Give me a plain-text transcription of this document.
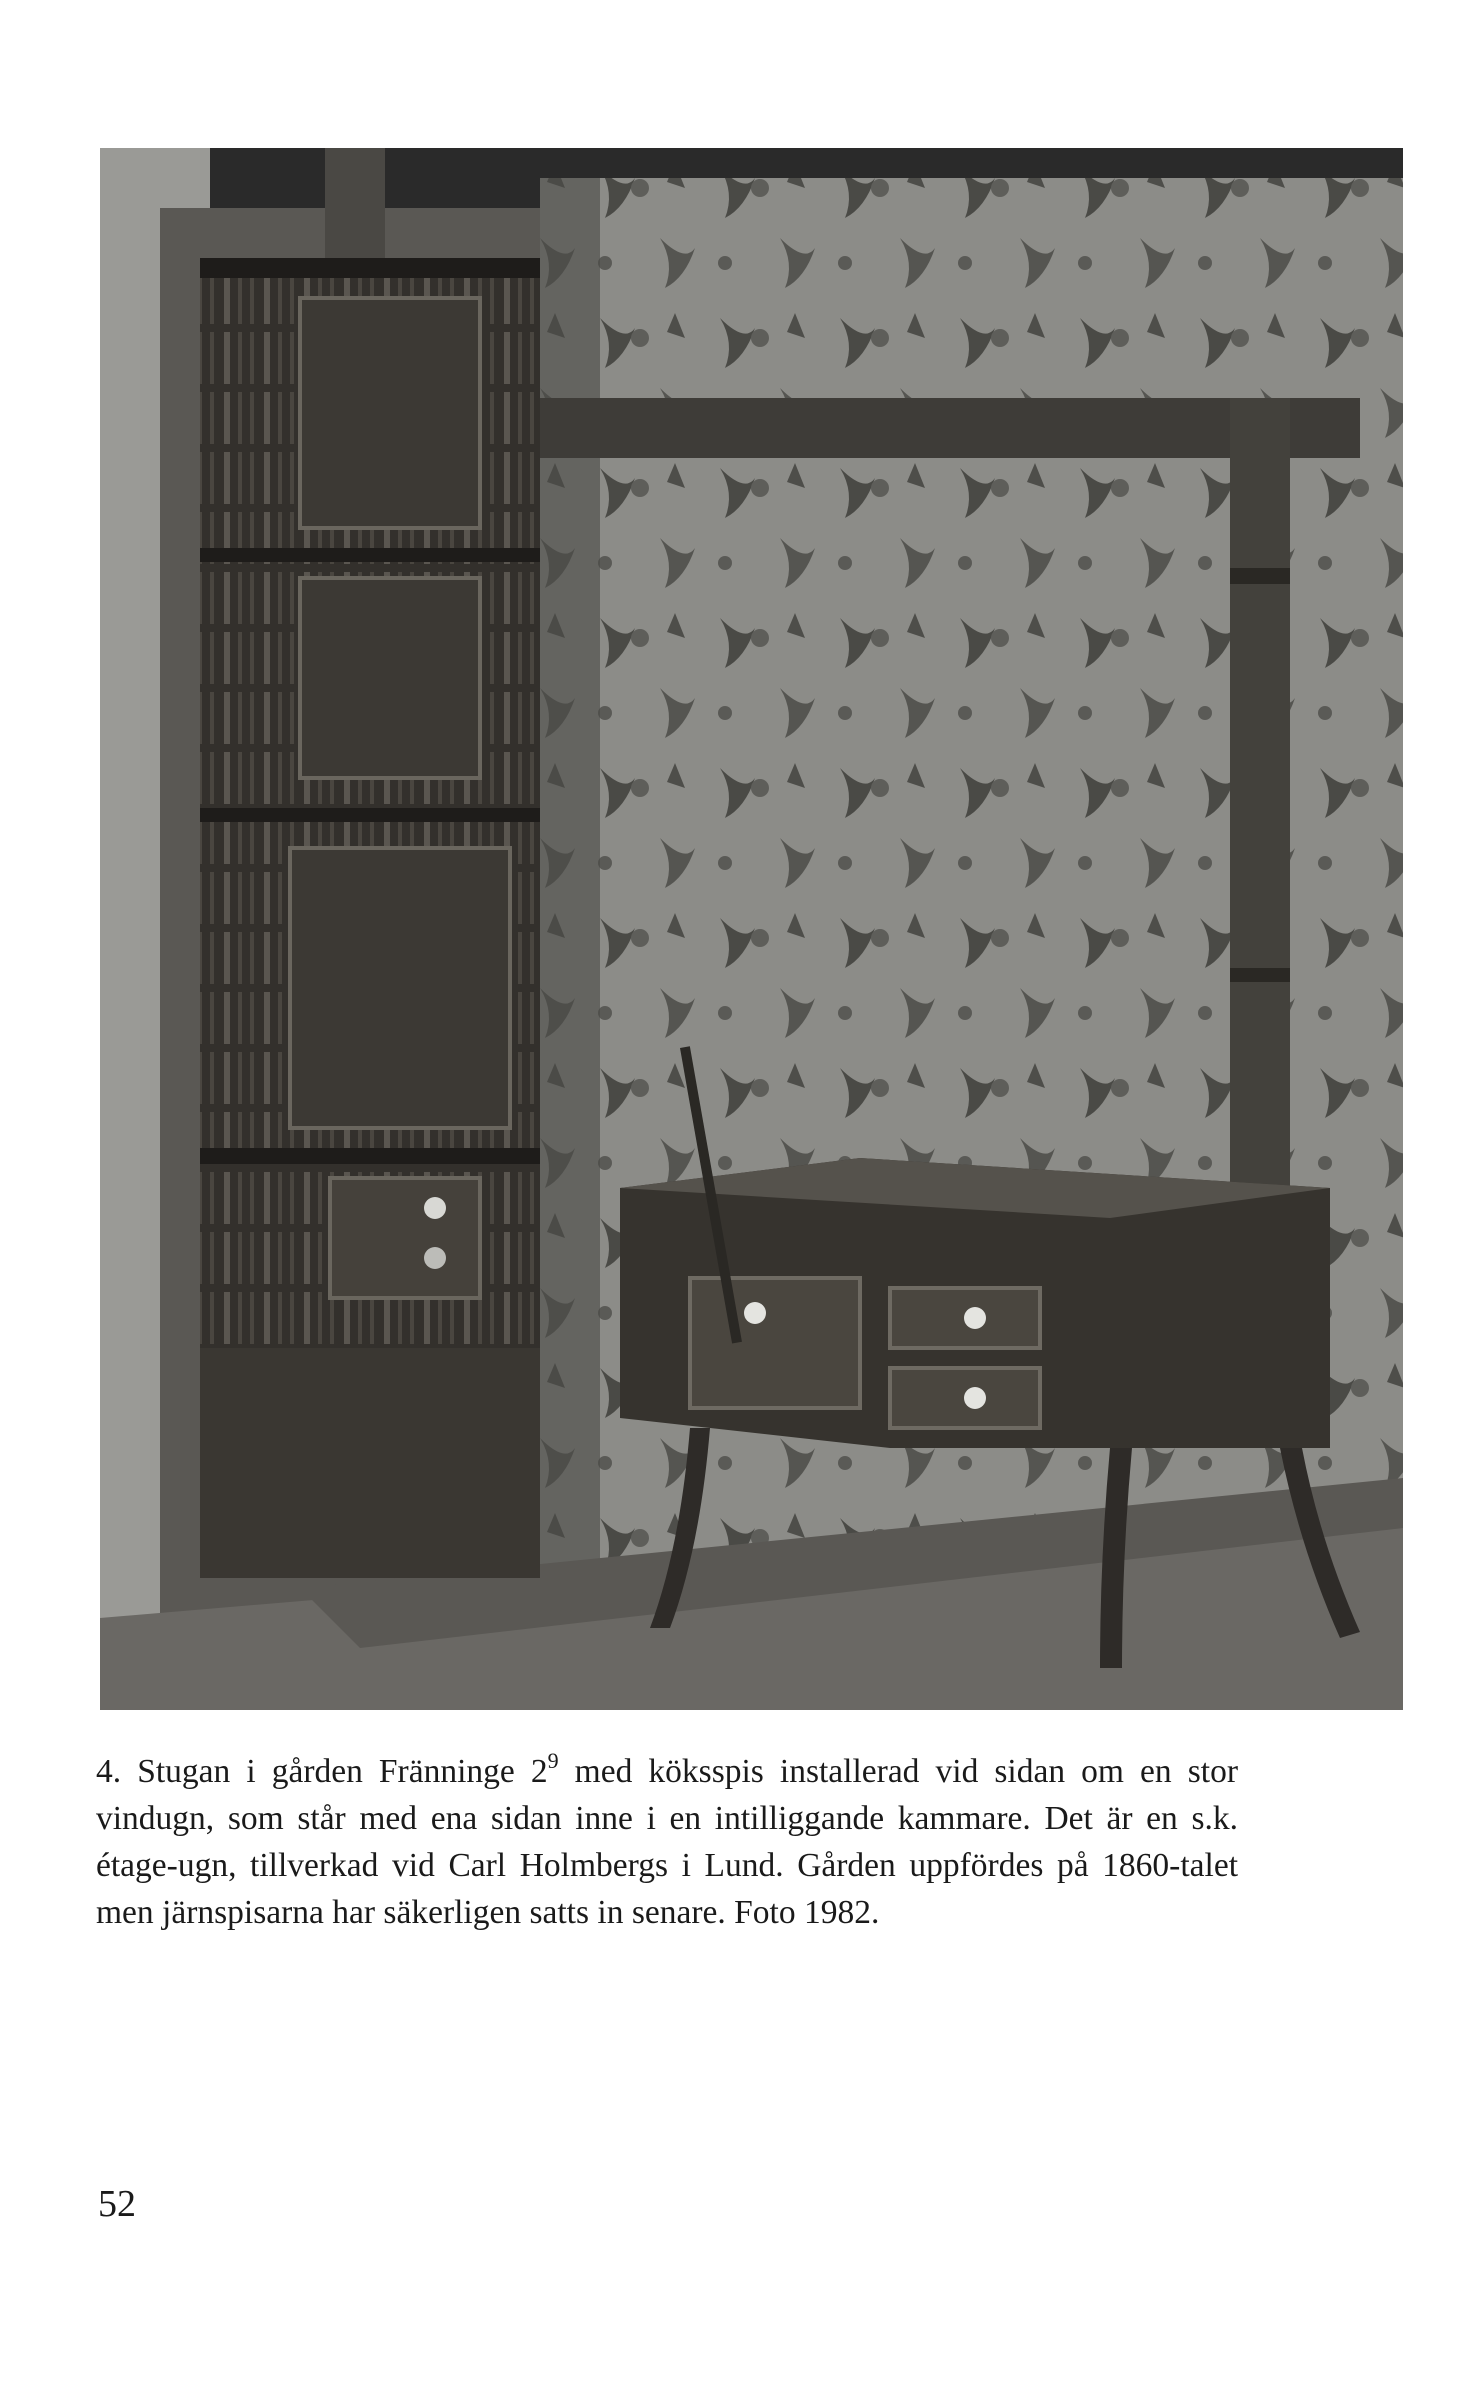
4. Stugan i gården Fränninge $2^9$ med köksspis installerad vid sidan om en stor vindugn, som står med ena sidan inne i en intilliggande kammare. Det är en s.k. étage-ugn, tillverkad vid Carl Holmbergs i Lund. Gården uppfördes på 1860-talet men järnspisarna har säkerligen satts in senare. Foto 1982.

52
